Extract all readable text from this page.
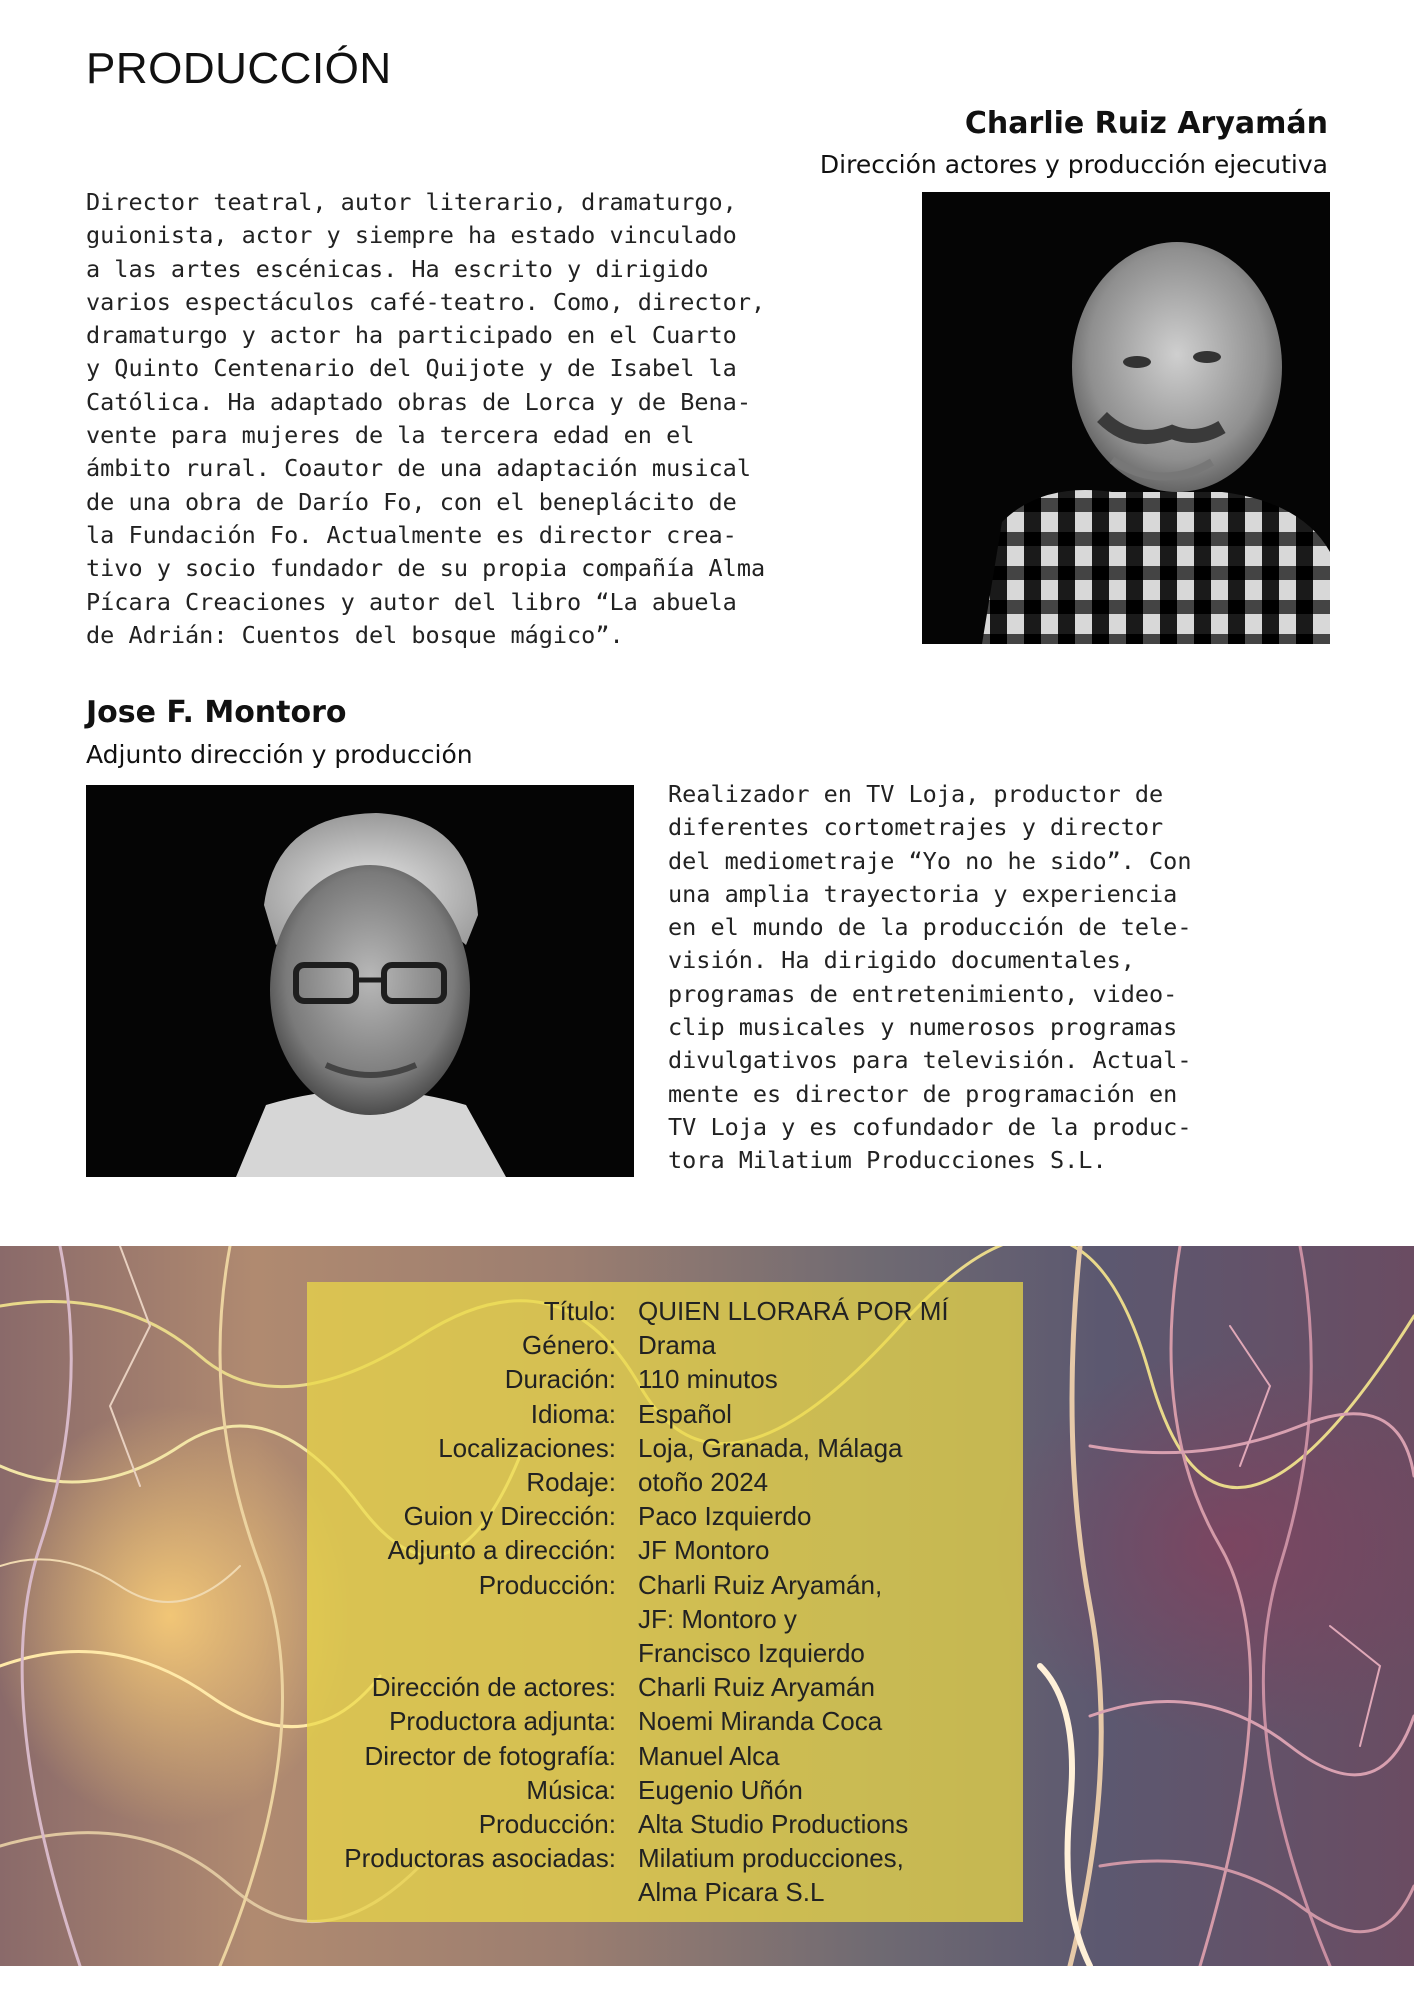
PRODUCCIÓN
Charlie Ruiz Aryamán
Dirección actores y producción ejecutiva
Director teatral, autor literario, dramaturgo,
guionista, actor y siempre ha estado vinculado
a las artes escénicas. Ha escrito y dirigido
varios espectáculos café-teatro. Como, director,
dramaturgo y actor ha participado en el Cuarto
y Quinto Centenario del Quijote y de Isabel la
Católica. Ha adaptado obras de Lorca y de Bena-
vente para mujeres de la tercera edad en el
ámbito rural. Coautor de una adaptación musical
de una obra de Darío Fo, con el beneplácito de
la Fundación Fo. Actualmente es director crea-
tivo y socio fundador de su propia compañía Alma
Pícara Creaciones y autor del libro “La abuela
de Adrián: Cuentos del bosque mágico”.
Jose F. Montoro
Adjunto dirección y producción
Realizador en TV Loja, productor de
diferentes cortometrajes y director
del mediometraje “Yo no he sido”. Con
una amplia trayectoria y experiencia
en el mundo de la producción de tele-
visión. Ha dirigido documentales,
programas de entretenimiento, video-
clip musicales y numerosos programas
divulgativos para televisión. Actual-
mente es director de programación en
TV Loja y es cofundador de la produc-
tora Milatium Producciones S.L.
Título: QUIEN LLORARÁ POR MÍ
Género: Drama
Duración: 110 minutos
Idioma: Español
Localizaciones: Loja, Granada, Málaga
Rodaje: otoño 2024
Guion y Dirección: Paco Izquierdo
Adjunto a dirección: JF Montoro
Producción: Charli Ruiz Aryamán,
JF: Montoro y
Francisco Izquierdo
Dirección de actores: Charli Ruiz Aryamán
Productora adjunta: Noemi Miranda Coca
Director de fotografía: Manuel Alca
Música: Eugenio Uñón
Producción: Alta Studio Productions
Productoras asociadas: Milatium producciones,
Alma Picara S.L
